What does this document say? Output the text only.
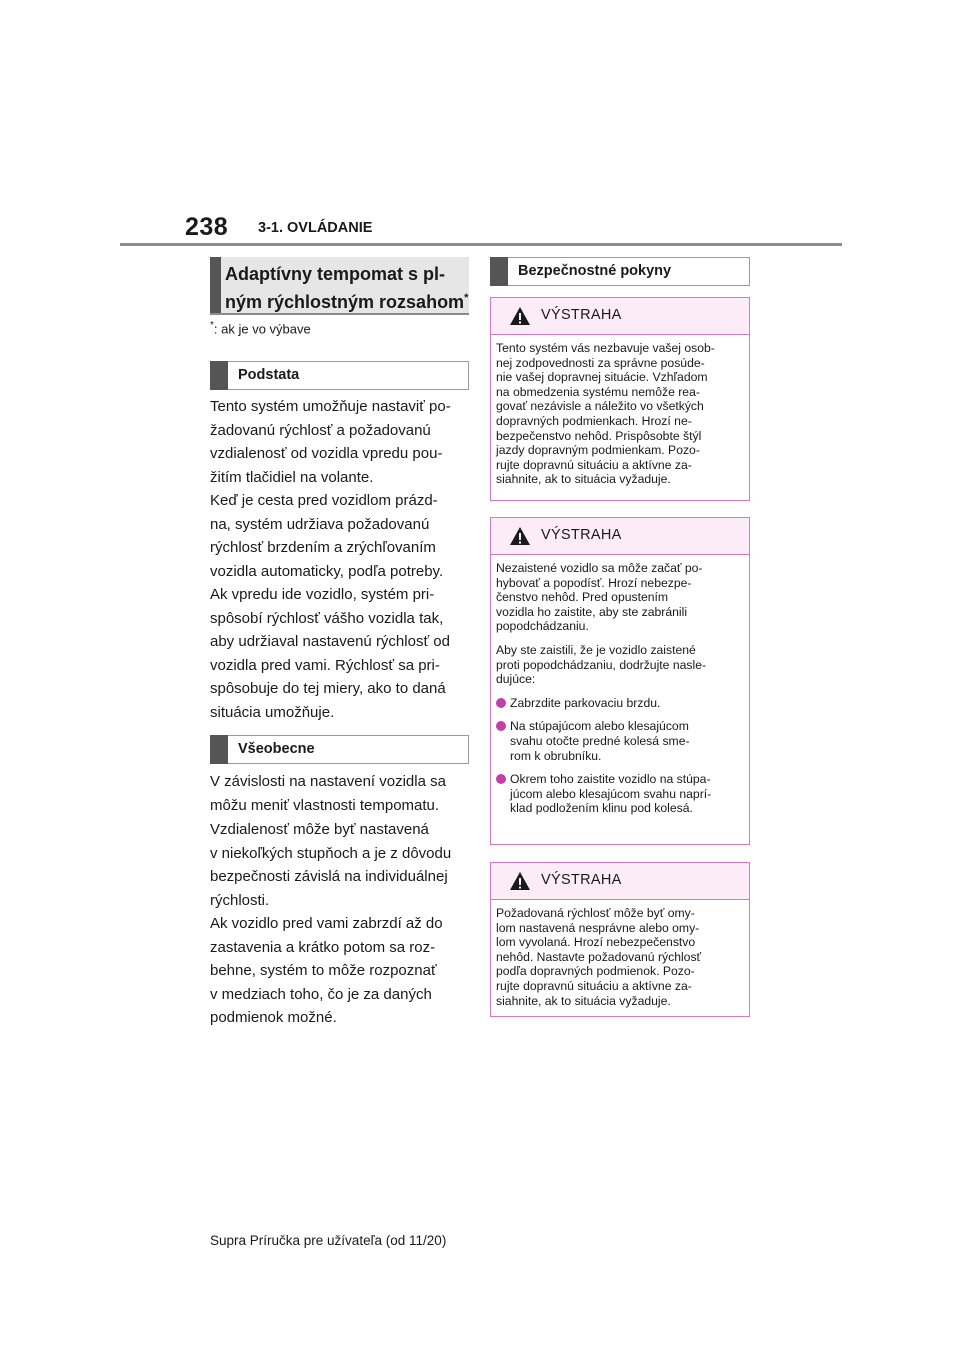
238 3-1. OVLÁDANIE
Adaptívny tempomat s pl-
ným rýchlostným rozsahom*
*: ak je vo výbave
Podstata

Tento systém umožňuje nastaviť po-
žadovanú rýchlosť a požadovanú
vzdialenosť od vozidla vpredu pou-
žitím tlačidiel na volante.

Keď je cesta pred vozidlom prázd-
na, systém udržiava požadovanú
rýchlosť brzdením a zrýchľovaním
vozidla automaticky, podľa potreby.

Ak vpredu ide vozidlo, systém pri-
spôsobí rýchlosť vášho vozidla tak,
aby udržiaval nastavenú rýchlosť od
vozidla pred vami. Rýchlosť sa pri-
spôsobuje do tej miery, ako to daná
situácia umožňuje.

Všeobecne

V závislosti na nastavení vozidla sa
môžu meniť vlastnosti tempomatu.

Vzdialenosť môže byť nastavená
v niekoľkých stupňoch a je z dôvodu
bezpečnosti závislá na individuálnej
rýchlosti.

Ak vozidlo pred vami zabrzdí až do
zastavenia a krátko potom sa roz-
behne, systém to môže rozpoznať
v medziach toho, čo je za daných
podmienok možné.

Bezpečnostné pokyny
VÝSTRAHA

Tento systém vás nezbavuje vašej osob-
nej zodpovednosti za správne posúde-
nie vašej dopravnej situácie. Vzhľadom
na obmedzenia systému nemôže rea-
govať nezávisle a náležito vo všetkých
dopravných podmienkach. Hrozí ne-
bezpečenstvo nehôd. Prispôsobte štýl
jazdy dopravným podmienkam. Pozo-
rujte dopravnú situáciu a aktívne za-
siahnite, ak to situácia vyžaduje.

VÝSTRAHA

Nezaistené vozidlo sa môže začať po-
hybovať a popodísť. Hrozí nebezpe-
čenstvo nehôd. Pred opustením
vozidla ho zaistite, aby ste zabránili
popodchádzaniu.

Aby ste zaistili, že je vozidlo zaistené
proti popodchádzaniu, dodržujte nasle-
dujúce:

Zabrzdite parkovaciu brzdu.
Na stúpajúcom alebo klesajúcom
svahu otočte predné kolesá sme-
rom k obrubníku.
Okrem toho zaistite vozidlo na stúpa-
júcom alebo klesajúcom svahu naprí-
klad podložením klinu pod kolesá.
VÝSTRAHA

Požadovaná rýchlosť môže byť omy-
lom nastavená nesprávne alebo omy-
lom vyvolaná. Hrozí nebezpečenstvo
nehôd. Nastavte požadovanú rýchlosť
podľa dopravných podmienok. Pozo-
rujte dopravnú situáciu a aktívne za-
siahnite, ak to situácia vyžaduje.

Supra Príručka pre užívateľa (od 11/20)
